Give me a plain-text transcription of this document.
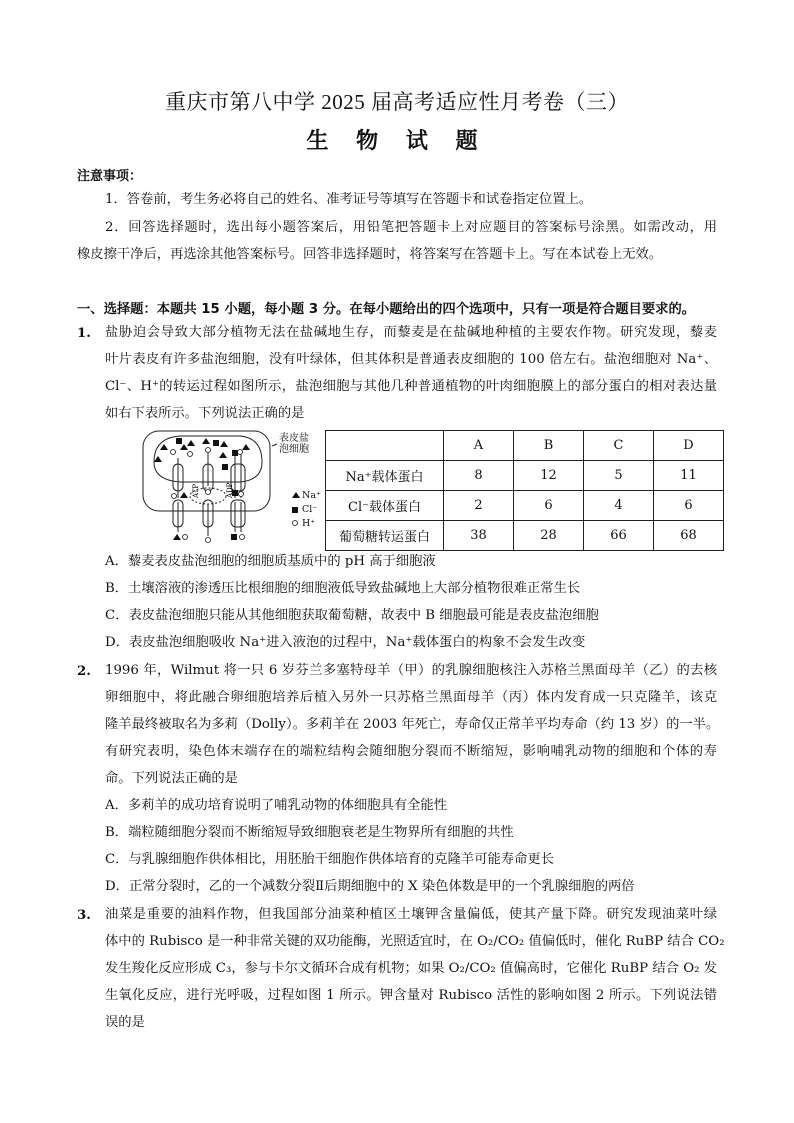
重庆市第八中学 2025 届高考适应性月考卷（三）
生 物 试 题
注意事项：
1．答卷前，考生务必将自己的姓名、准考证号等填写在答题卡和试卷指定位置上。
2．回答选择题时，选出每小题答案后，用铅笔把答题卡上对应题目的答案标号涂黑。如需改动，用
橡皮擦干净后，再选涂其他答案标号。回答非选择题时，将答案写在答题卡上。写在本试卷上无效。
一、选择题：本题共 15 小题，每小题 3 分。在每小题给出的四个选项中，只有一项是符合题目要求的。
1. 盐胁迫会导致大部分植物无法在盐碱地生存，而藜麦是在盐碱地种植的主要农作物。研究发现，藜麦
叶片表皮有许多盐泡细胞，没有叶绿体，但其体积是普通表皮细胞的 100 倍左右。盐泡细胞对 Na⁺、
Cl⁻、H⁺的转运过程如图所示，盐泡细胞与其他几种普通植物的叶肉细胞膜上的部分蛋白的相对表达量
如右下表所示。下列说法正确的是
ATP	ADP
表皮盐泡细胞
Na⁺
Cl⁻
H⁺
	A	B	C	D
Na⁺载体蛋白	8	12	5	11
Cl⁻载体蛋白	2	6	4	6
葡萄糖转运蛋白	38	28	66	68
A．藜麦表皮盐泡细胞的细胞质基质中的 pH 高于细胞液
B．土壤溶液的渗透压比根细胞的细胞液低导致盐碱地上大部分植物很难正常生长
C．表皮盐泡细胞只能从其他细胞获取葡萄糖，故表中 B 细胞最可能是表皮盐泡细胞
D．表皮盐泡细胞吸收 Na⁺进入液泡的过程中，Na⁺载体蛋白的构象不会发生改变
2. 1996 年，Wilmut 将一只 6 岁芬兰多塞特母羊（甲）的乳腺细胞核注入苏格兰黑面母羊（乙）的去核
卵细胞中，将此融合卵细胞培养后植入另外一只苏格兰黑面母羊（丙）体内发育成一只克隆羊，该克
隆羊最终被取名为多莉（Dolly）。多莉羊在 2003 年死亡，寿命仅正常羊平均寿命（约 13 岁）的一半。
有研究表明，染色体末端存在的端粒结构会随细胞分裂而不断缩短，影响哺乳动物的细胞和个体的寿
命。下列说法正确的是
A．多莉羊的成功培育说明了哺乳动物的体细胞具有全能性
B．端粒随细胞分裂而不断缩短导致细胞衰老是生物界所有细胞的共性
C．与乳腺细胞作供体相比，用胚胎干细胞作供体培育的克隆羊可能寿命更长
D．正常分裂时，乙的一个减数分裂Ⅱ后期细胞中的 X 染色体数是甲的一个乳腺细胞的两倍
3. 油菜是重要的油料作物，但我国部分油菜种植区土壤钾含量偏低，使其产量下降。研究发现油菜叶绿
体中的 Rubisco 是一种非常关键的双功能酶，光照适宜时，在 O₂/CO₂ 值偏低时，催化 RuBP 结合 CO₂
发生羧化反应形成 C₃，参与卡尔文循环合成有机物；如果 O₂/CO₂ 值偏高时，它催化 RuBP 结合 O₂ 发
生氧化反应，进行光呼吸，过程如图 1 所示。钾含量对 Rubisco 活性的影响如图 2 所示。下列说法错
误的是
